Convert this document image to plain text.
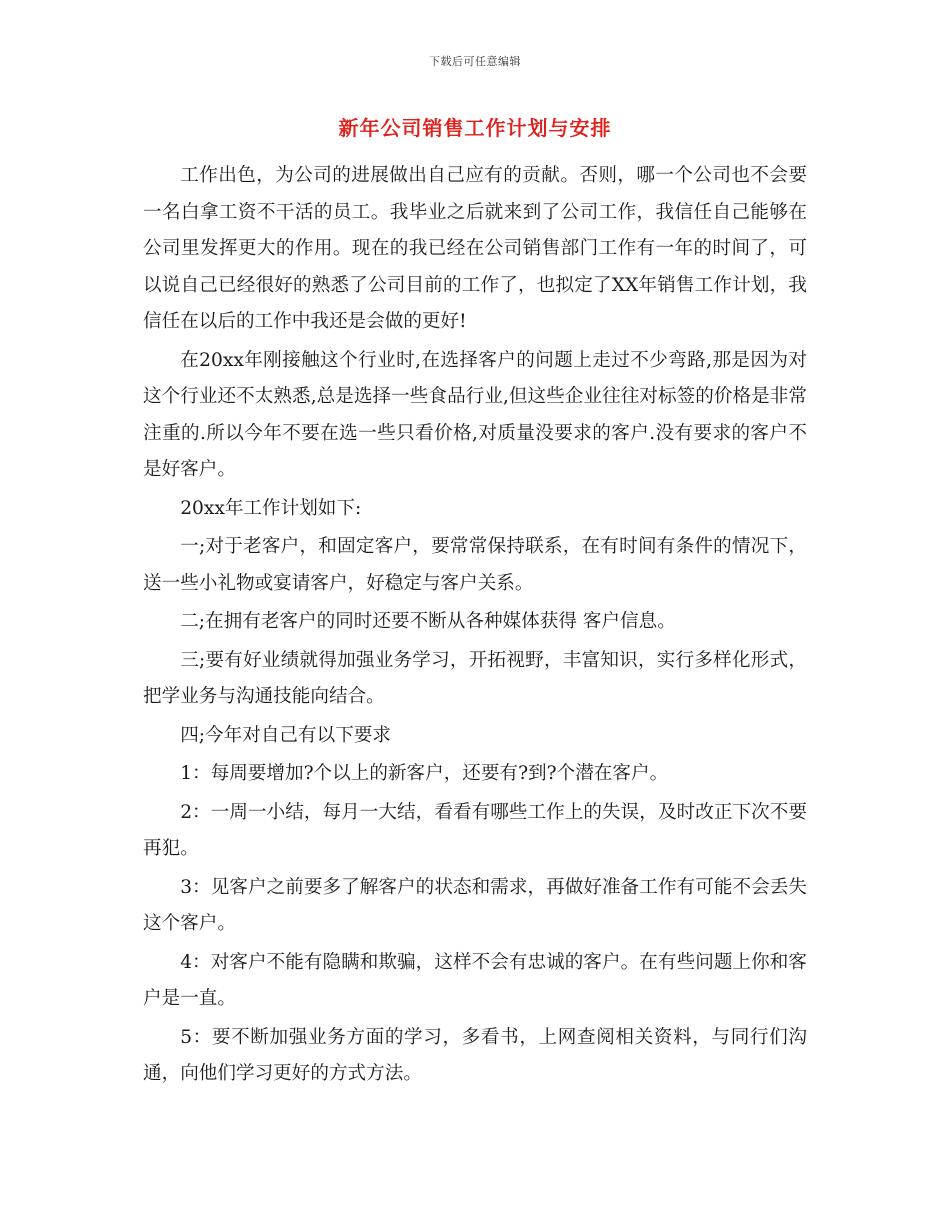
下载后可任意编辑
新年公司销售工作计划与安排

工作出色，为公司的进展做出自己应有的贡献。否则，哪一个公司也不会要一名白拿工资不干活的员工。我毕业之后就来到了公司工作，我信任自己能够在公司里发挥更大的作用。现在的我已经在公司销售部门工作有一年的时间了，可以说自己已经很好的熟悉了公司目前的工作了，也拟定了XX年销售工作计划，我信任在以后的工作中我还是会做的更好!

在20xx年刚接触这个行业时,在选择客户的问题上走过不少弯路,那是因为对这个行业还不太熟悉,总是选择一些食品行业,但这些企业往往对标签的价格是非常注重的.所以今年不要在选一些只看价格,对质量没要求的客户.没有要求的客户不是好客户。

20xx年工作计划如下:

一;对于老客户，和固定客户，要常常保持联系，在有时间有条件的情况下，送一些小礼物或宴请客户，好稳定与客户关系。

二;在拥有老客户的同时还要不断从各种媒体获得 客户信息。

三;要有好业绩就得加强业务学习，开拓视野，丰富知识，实行多样化形式，把学业务与沟通技能向结合。

四;今年对自己有以下要求

1：每周要增加?个以上的新客户，还要有?到?个潜在客户。

2：一周一小结，每月一大结，看看有哪些工作上的失误，及时改正下次不要再犯。

3：见客户之前要多了解客户的状态和需求，再做好准备工作有可能不会丢失这个客户。

4：对客户不能有隐瞒和欺骗，这样不会有忠诚的客户。在有些问题上你和客户是一直。

5：要不断加强业务方面的学习，多看书，上网查阅相关资料，与同行们沟通，向他们学习更好的方式方法。
